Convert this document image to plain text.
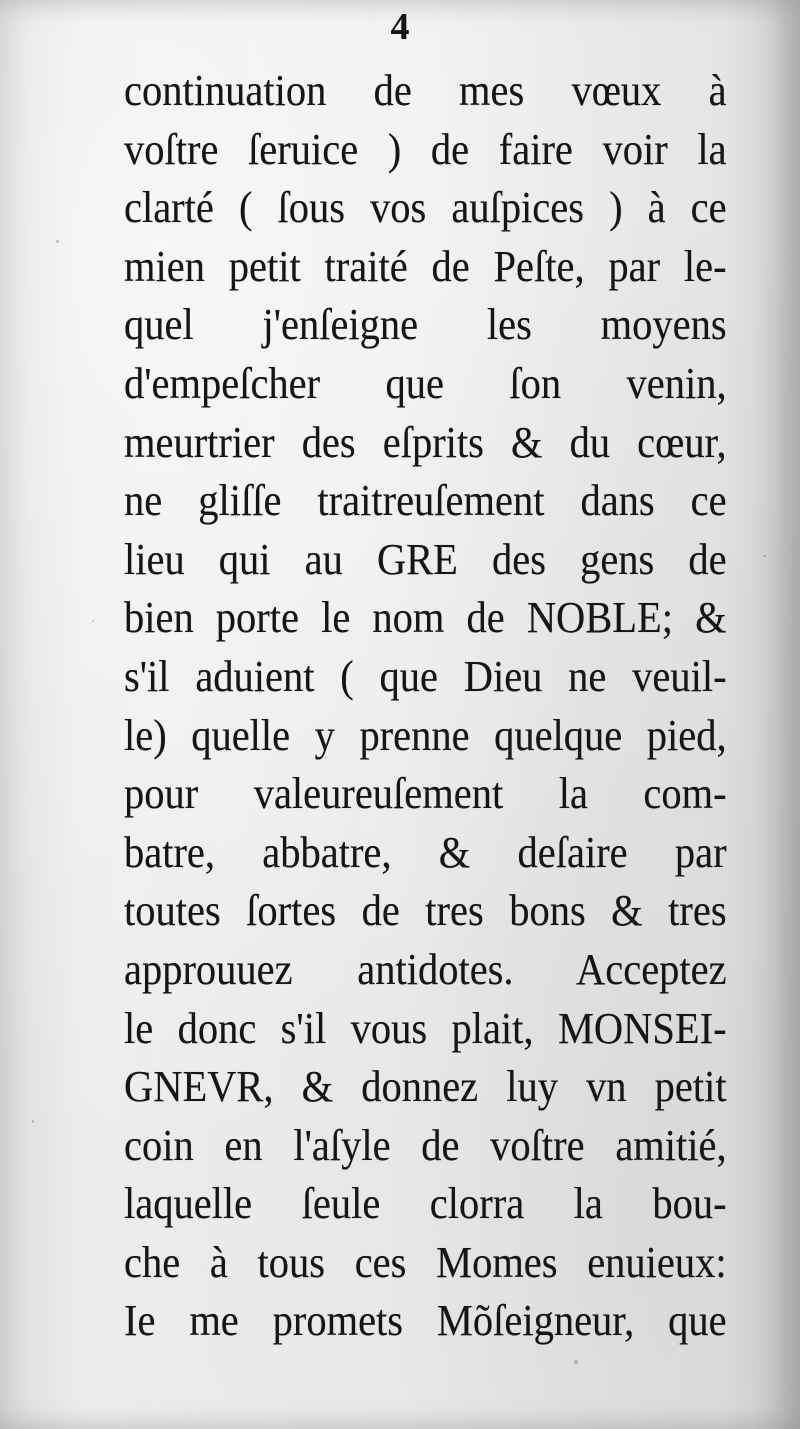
4
continuation de mes vœux à
voſtre ſeruice ) de faire voir la
clarté ( ſous vos auſpices ) à ce
mien petit traité de Peſte, par le-
quel j'enſeigne les moyens
d'empeſcher que ſon venin,
meurtrier des eſprits & du cœur,
ne gliſſe traitreuſement dans ce
lieu qui au GRE des gens de
bien porte le nom de NOBLE; &
s'il aduient ( que Dieu ne veuil-
le) quelle y prenne quelque pied,
pour valeureuſement la com-
batre, abbatre, & deſaire par
toutes ſortes de tres bons & tres
approuuez antidotes. Acceptez
le donc s'il vous plait, MONSEI-
GNEVR, & donnez luy vn petit
coin en l'aſyle de voſtre amitié,
laquelle ſeule clorra la bou-
che à tous ces Momes enuieux:
Ie me promets Mõſeigneur, que
